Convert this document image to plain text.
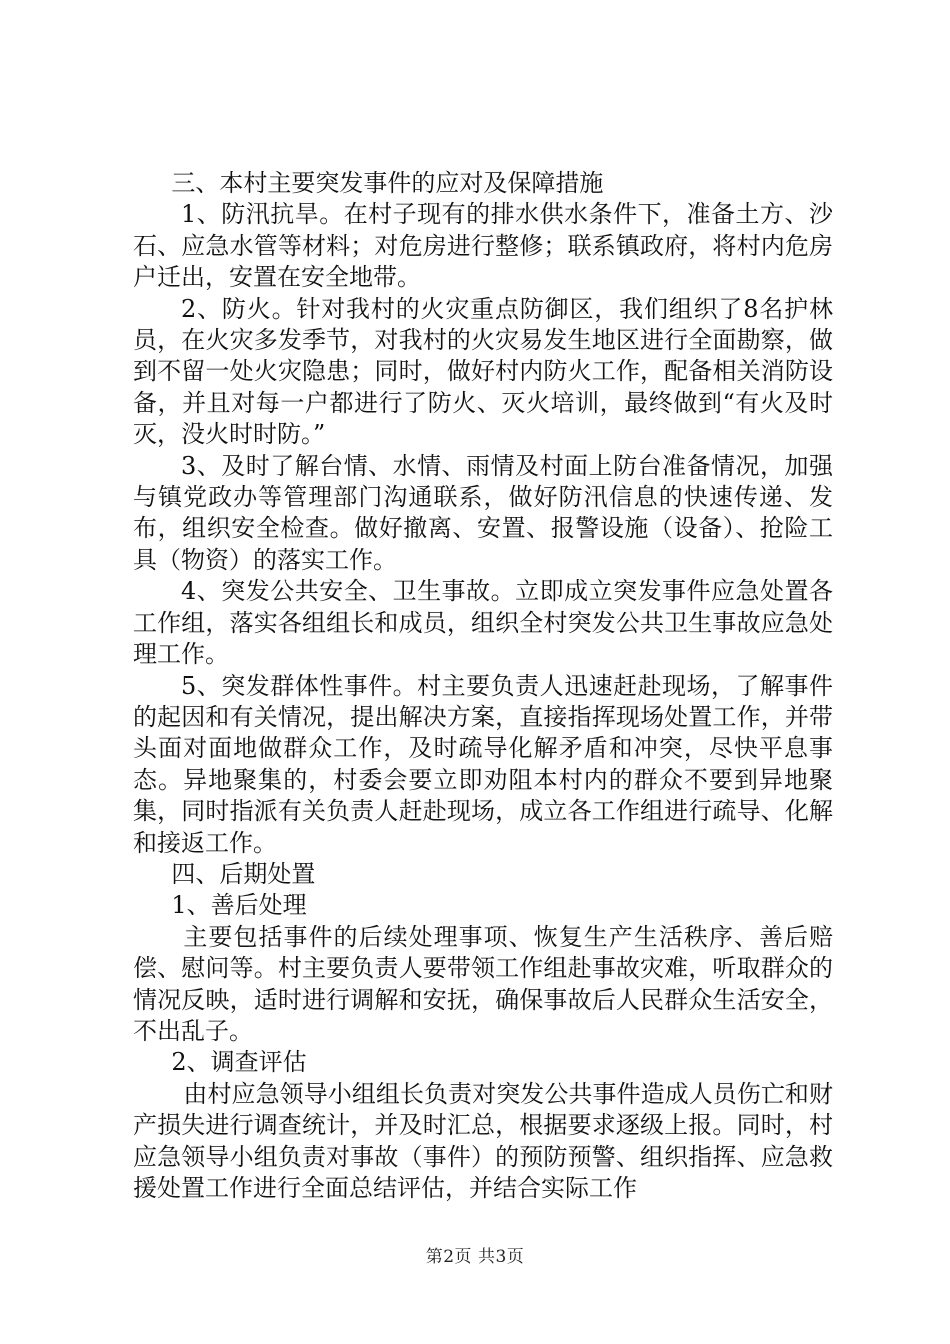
三、本村主要突发事件的应对及保障措施

1、防汛抗旱。在村子现有的排水供水条件下，准备土方、沙石、应急水管等材料；对危房进行整修；联系镇政府，将村内危房户迁出，安置在安全地带。

2、防火。针对我村的火灾重点防御区，我们组织了8名护林员，在火灾多发季节，对我村的火灾易发生地区进行全面勘察，做到不留一处火灾隐患；同时，做好村内防火工作，配备相关消防设备，并且对每一户都进行了防火、灭火培训，最终做到“有火及时灭，没火时时防。”

3、及时了解台情、水情、雨情及村面上防台准备情况，加强与镇党政办等管理部门沟通联系，做好防汛信息的快速传递、发布，组织安全检查。做好撤离、安置、报警设施（设备）、抢险工具（物资）的落实工作。

4、突发公共安全、卫生事故。立即成立突发事件应急处置各工作组，落实各组组长和成员，组织全村突发公共卫生事故应急处理工作。

5、突发群体性事件。村主要负责人迅速赶赴现场，了解事件的起因和有关情况，提出解决方案，直接指挥现场处置工作，并带头面对面地做群众工作，及时疏导化解矛盾和冲突，尽快平息事态。异地聚集的，村委会要立即劝阻本村内的群众不要到异地聚集，同时指派有关负责人赶赴现场，成立各工作组进行疏导、化解和接返工作。

四、后期处置

1、善后处理

主要包括事件的后续处理事项、恢复生产生活秩序、善后赔偿、慰问等。村主要负责人要带领工作组赴事故灾难，听取群众的情况反映，适时进行调解和安抚，确保事故后人民群众生活安全，不出乱子。

2、调查评估

由村应急领导小组组长负责对突发公共事件造成人员伤亡和财产损失进行调查统计，并及时汇总，根据要求逐级上报。同时，村应急领导小组负责对事故（事件）的预防预警、组织指挥、应急救援处置工作进行全面总结评估，并结合实际工作

第2页 共3页
